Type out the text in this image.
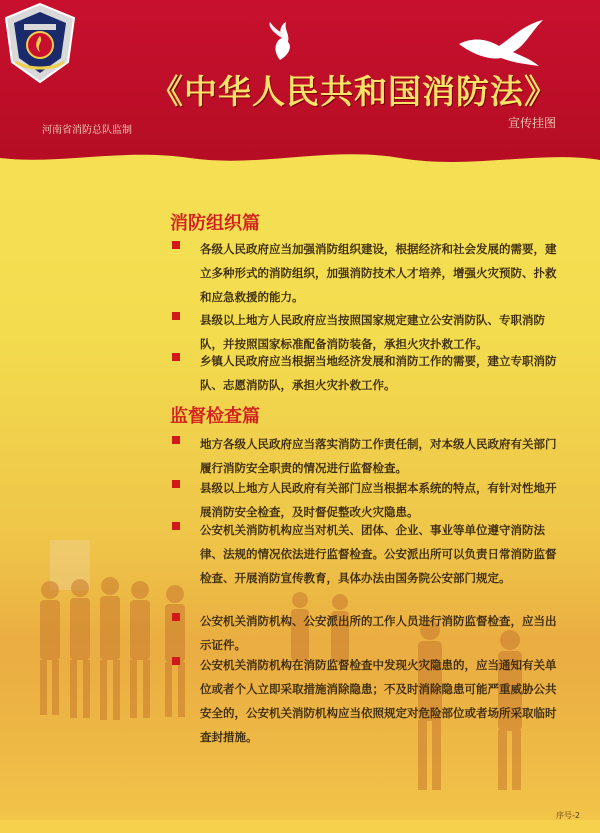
河南省消防总队监制
《中华人民共和国消防法》
宣传挂图
消防组织篇
各级人民政府应当加强消防组织建设，根据经济和社会发展的需要，建立多种形式的消防组织，加强消防技术人才培养，增强火灾预防、扑救和应急救援的能力。
县级以上地方人民政府应当按照国家规定建立公安消防队、专职消防队，并按照国家标准配备消防装备，承担火灾扑救工作。
乡镇人民政府应当根据当地经济发展和消防工作的需要，建立专职消防队、志愿消防队，承担火灾扑救工作。
监督检查篇
地方各级人民政府应当落实消防工作责任制，对本级人民政府有关部门履行消防安全职责的情况进行监督检查。
县级以上地方人民政府有关部门应当根据本系统的特点，有针对性地开展消防安全检查，及时督促整改火灾隐患。
公安机关消防机构应当对机关、团体、企业、事业等单位遵守消防法律、法规的情况依法进行监督检查。公安派出所可以负责日常消防监督检查、开展消防宣传教育，具体办法由国务院公安部门规定。
公安机关消防机构、公安派出所的工作人员进行消防监督检查，应当出示证件。
公安机关消防机构在消防监督检查中发现火灾隐患的，应当通知有关单位或者个人立即采取措施消除隐患；不及时消除隐患可能严重威胁公共安全的，公安机关消防机构应当依照规定对危险部位或者场所采取临时查封措施。
序号-2
